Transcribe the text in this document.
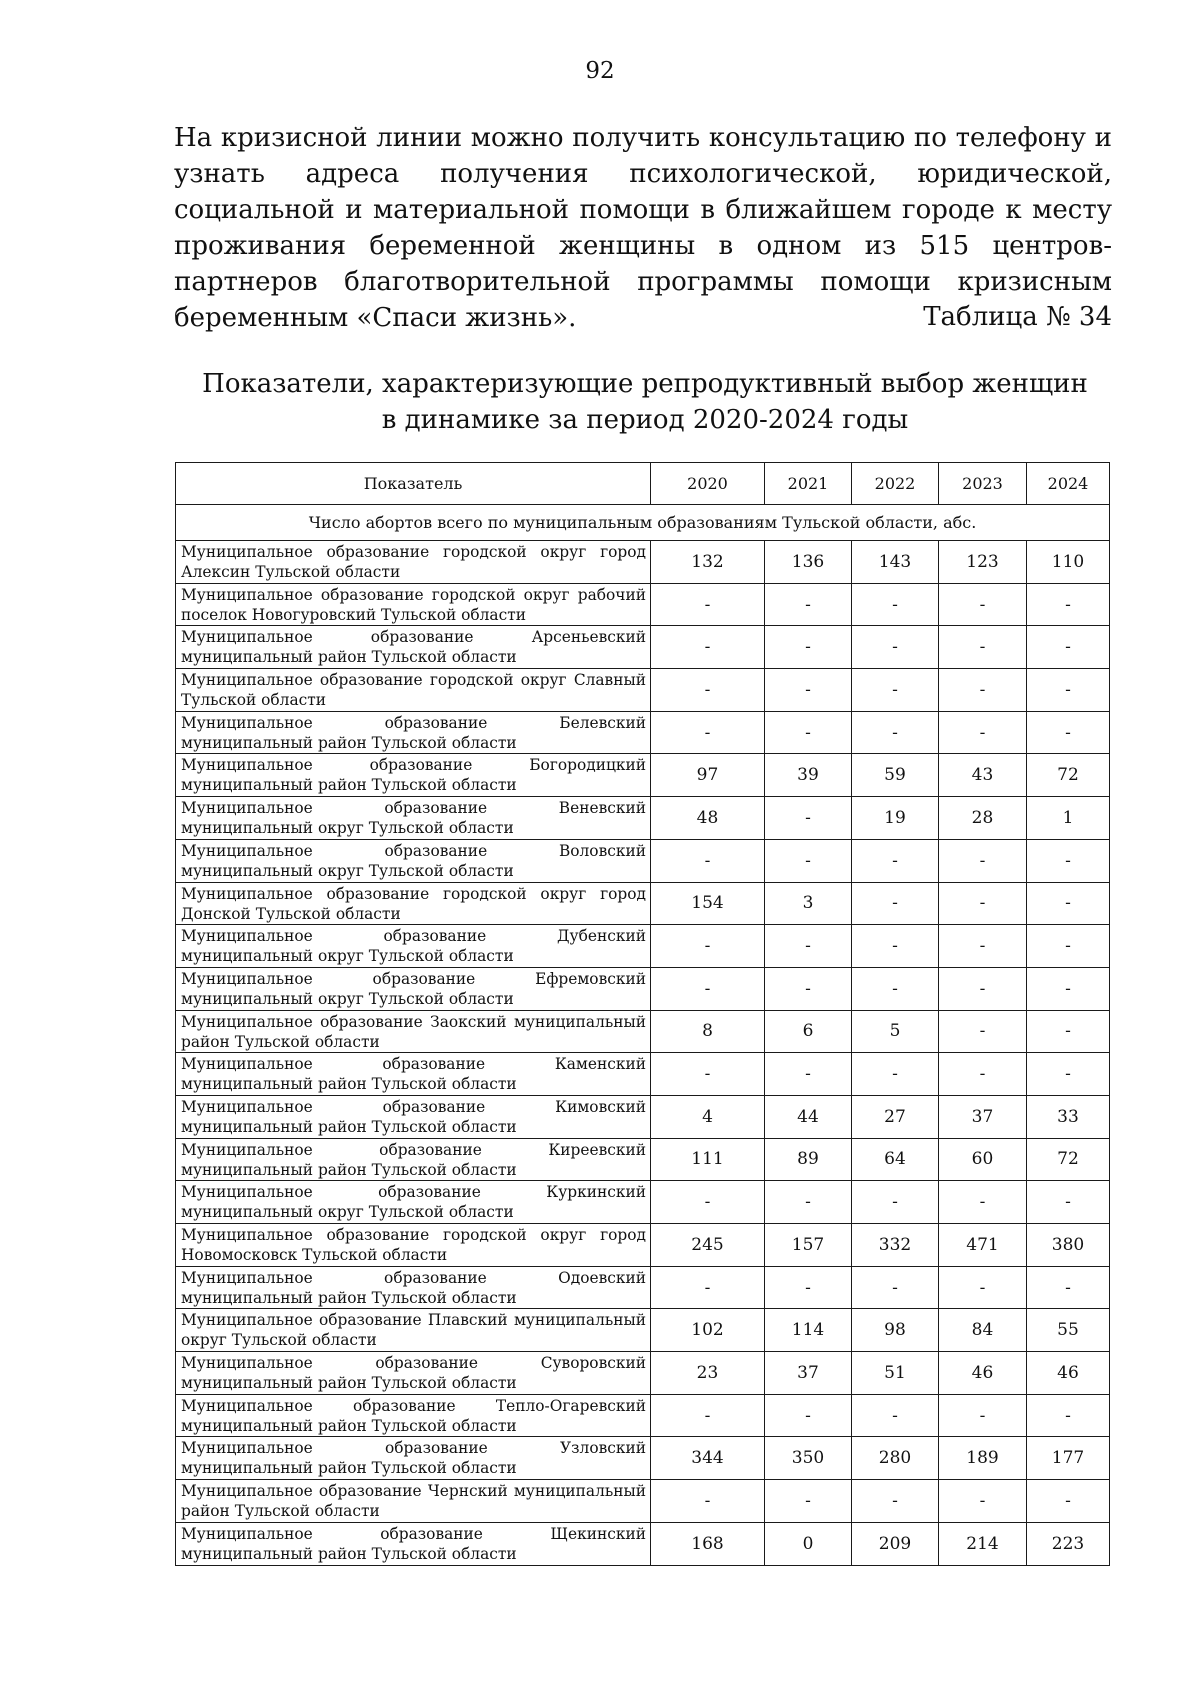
92

На кризисной линии можно получить консультацию по телефону и узнать адреса получения психологической, юридической, социальной и материальной помощи в ближайшем городе к месту проживания беременной женщины в одном из 515 центров-партнеров благотворительной программы помощи кризисным беременным «Спаси жизнь».	Таблица № 34
Показатели, характеризующие репродуктивный выбор женщин
в динамике за период 2020-2024 годы
Показатель	2020	2021	2022	2023	2024
Число абортов всего по муниципальным образованиям Тульской области, абс.					
Муниципальное образование городской округ город Алексин Тульской области	132	136	143	123	110
Муниципальное образование городской округ рабочий поселок Новогуровский Тульской области	-	-	-	-	-
Муниципальное образование Арсеньевский муниципальный район Тульской области	-	-	-	-	-
Муниципальное образование городской округ Славный Тульской области	-	-	-	-	-
Муниципальное образование Белевский муниципальный район Тульской области	-	-	-	-	-
Муниципальное образование Богородицкий муниципальный район Тульской области	97	39	59	43	72
Муниципальное образование Веневский муниципальный округ Тульской области	48	-	19	28	1
Муниципальное образование Воловский муниципальный округ Тульской области	-	-	-	-	-
Муниципальное образование городской округ город Донской Тульской области	154	3	-	-	-
Муниципальное образование Дубенский муниципальный округ Тульской области	-	-	-	-	-
Муниципальное образование Ефремовский муниципальный округ Тульской области	-	-	-	-	-
Муниципальное образование Заокский муниципальный район Тульской области	8	6	5	-	-
Муниципальное образование Каменский муниципальный район Тульской области	-	-	-	-	-
Муниципальное образование Кимовский муниципальный район Тульской области	4	44	27	37	33
Муниципальное образование Киреевский муниципальный район Тульской области	111	89	64	60	72
Муниципальное образование Куркинский муниципальный округ Тульской области	-	-	-	-	-
Муниципальное образование городской округ город Новомосковск Тульской области	245	157	332	471	380
Муниципальное образование Одоевский муниципальный район Тульской области	-	-	-	-	-
Муниципальное образование Плавский муниципальный округ Тульской области	102	114	98	84	55
Муниципальное образование Суворовский муниципальный район Тульской области	23	37	51	46	46
Муниципальное образование Тепло-Огаревский муниципальный район Тульской области	-	-	-	-	-
Муниципальное образование Узловский муниципальный район Тульской области	344	350	280	189	177
Муниципальное образование Чернский муниципальный район Тульской области	-	-	-	-	-
Муниципальное образование Щекинский муниципальный район Тульской области	168	0	209	214	223
